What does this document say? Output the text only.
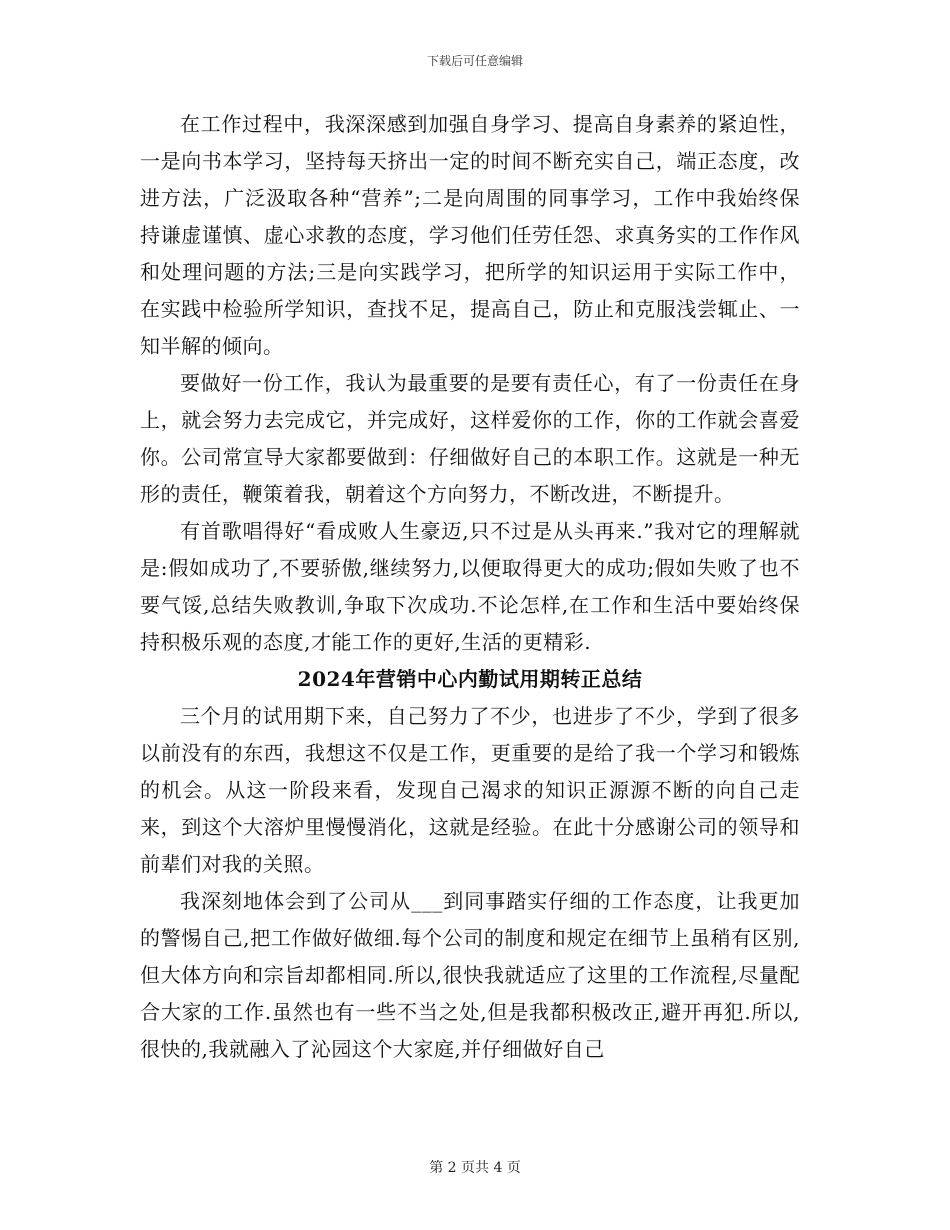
下载后可任意编辑

在工作过程中，我深深感到加强自身学习、提高自身素养的紧迫性，一是向书本学习，坚持每天挤出一定的时间不断充实自己，端正态度，改进方法，广泛汲取各种“营养”;二是向周围的同事学习，工作中我始终保持谦虚谨慎、虚心求教的态度，学习他们任劳任怨、求真务实的工作作风和处理问题的方法;三是向实践学习，把所学的知识运用于实际工作中，在实践中检验所学知识，查找不足，提高自己，防止和克服浅尝辄止、一知半解的倾向。

要做好一份工作，我认为最重要的是要有责任心，有了一份责任在身上，就会努力去完成它，并完成好，这样爱你的工作，你的工作就会喜爱你。公司常宣导大家都要做到：仔细做好自己的本职工作。这就是一种无形的责任，鞭策着我，朝着这个方向努力，不断改进，不断提升。

有首歌唱得好“看成败人生豪迈,只不过是从头再来.”我对它的理解就是:假如成功了,不要骄傲,继续努力,以便取得更大的成功;假如失败了也不要气馁,总结失败教训,争取下次成功.不论怎样,在工作和生活中要始终保持积极乐观的态度,才能工作的更好,生活的更精彩.

2024年营销中心内勤试用期转正总结

三个月的试用期下来，自己努力了不少，也进步了不少，学到了很多以前没有的东西，我想这不仅是工作，更重要的是给了我一个学习和锻炼的机会。从这一阶段来看，发现自己渴求的知识正源源不断的向自己走来，到这个大溶炉里慢慢消化，这就是经验。在此十分感谢公司的领导和前辈们对我的关照。

我深刻地体会到了公司从___到同事踏实仔细的工作态度，让我更加的警惕自己,把工作做好做细.每个公司的制度和规定在细节上虽稍有区别,但大体方向和宗旨却都相同.所以,很快我就适应了这里的工作流程,尽量配合大家的工作.虽然也有一些不当之处,但是我都积极改正,避开再犯.所以,很快的,我就融入了沁园这个大家庭,并仔细做好自己

第 2 页共 4 页
